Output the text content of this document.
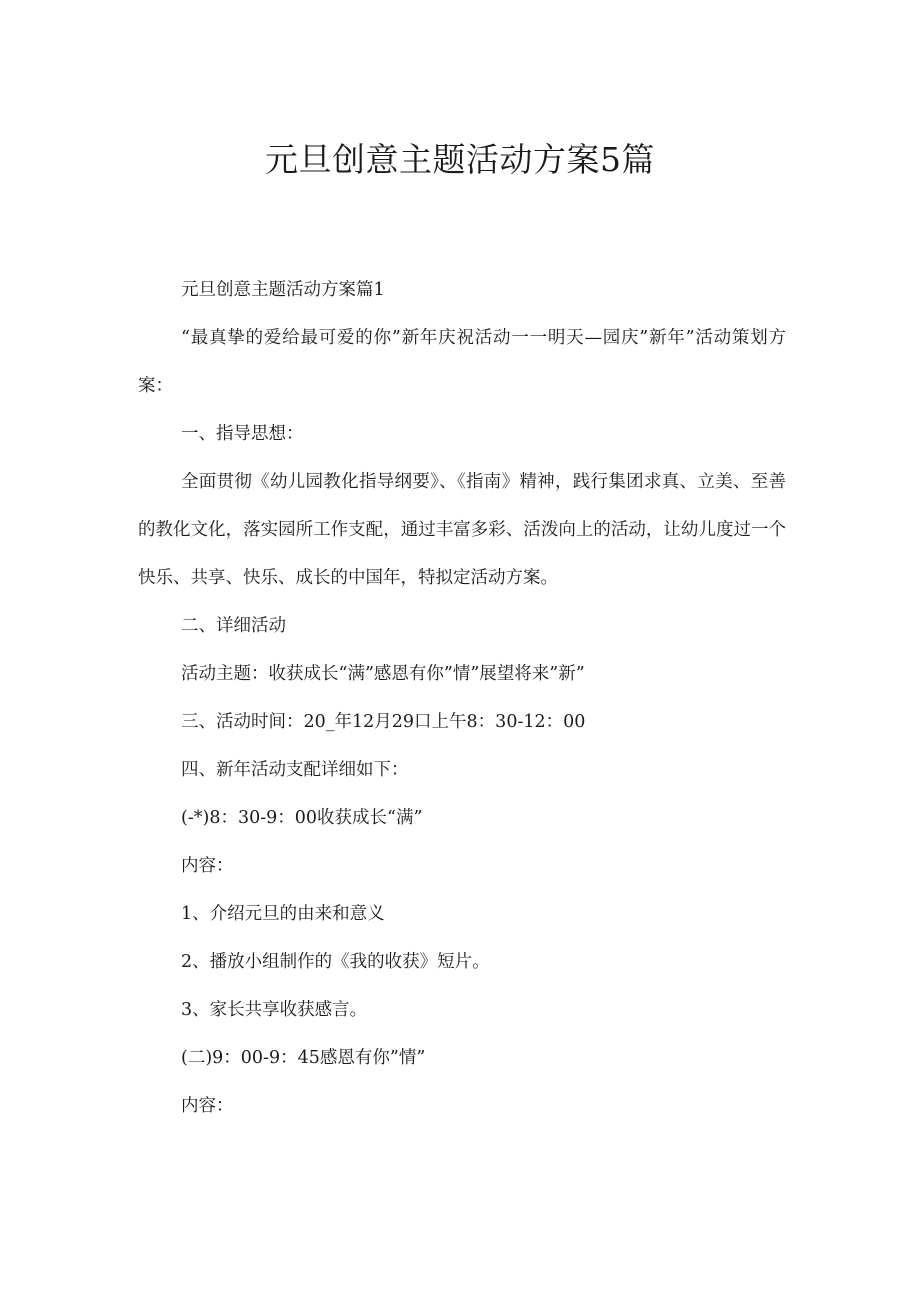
元旦创意主题活动方案5篇

元旦创意主题活动方案篇1

“最真挚的爱给最可爱的你”新年庆祝活动一一明天—园庆”新年”活动策划方案：

一、指导思想：

全面贯彻《幼儿园教化指导纲要》、《指南》精神，践行集团求真、立美、至善的教化文化，落实园所工作支配，通过丰富多彩、活泼向上的活动，让幼儿度过一个快乐、共享、快乐、成长的中国年，特拟定活动方案。

二、详细活动

活动主题：收获成长“满”感恩有你”情”展望将来”新”

三、活动时间：20_年12月29口上午8：30-12：00

四、新年活动支配详细如下：

(-*)8：30-9：00收获成长“满”

内容：

1、介绍元旦的由来和意义

2、播放小组制作的《我的收获》短片。

3、家长共享收获感言。

(二)9：00-9：45感恩有你”情”

内容：
